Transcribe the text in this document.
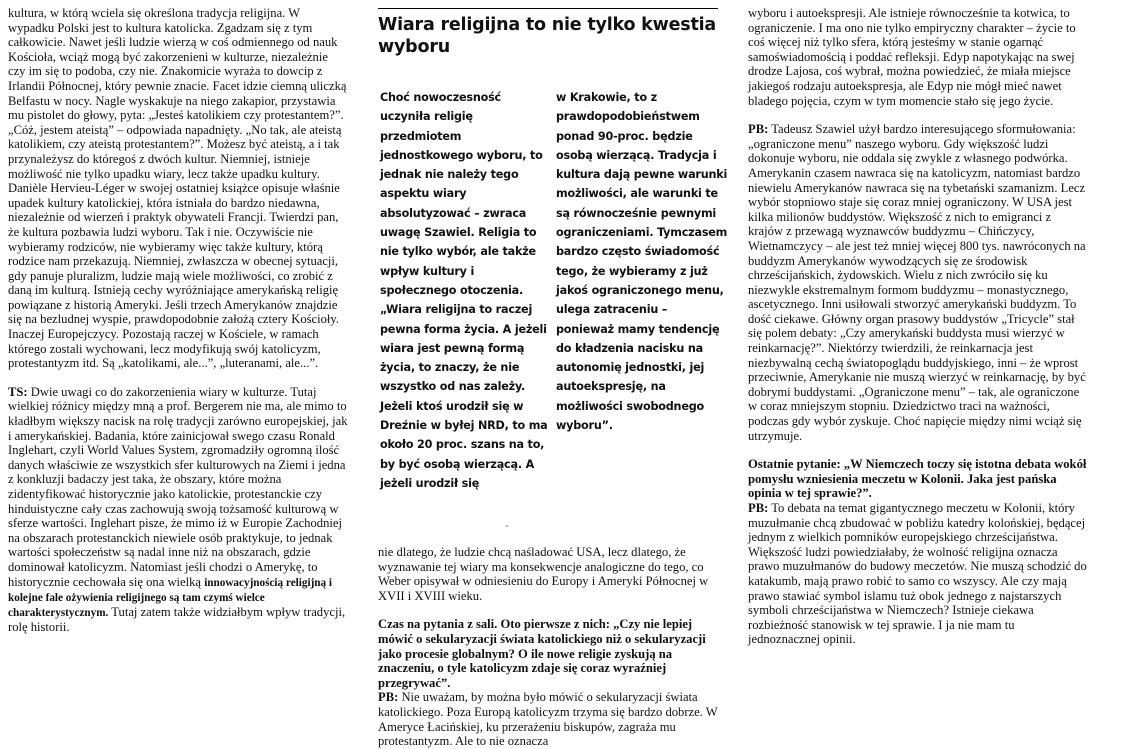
kultura, w którą wciela się określona tradycja religijna. W wypadku Polski jest to kultura katolicka. Zgadzam się z tym całkowicie. Nawet jeśli ludzie wierzą w coś odmiennego od nauk Kościoła, wciąż mogą być zakorzenieni w kulturze, niezależnie czy im się to podoba, czy nie. Znakomicie wyraża to dowcip z Irlandii Północnej, który pewnie znacie. Facet idzie ciemną uliczką Belfastu w nocy. Nagle wyskakuje na niego zakapior, przystawia mu pistolet do głowy, pyta: „Jesteś katolikiem czy protestantem?”. „Cóż, jestem ateistą” – odpowiada napadnięty. „No tak, ale ateistą katolikiem, czy ateistą protestantem?”. Możesz być ateistą, a i tak przynależysz do któregoś z dwóch kultur. Niemniej, istnieje możliwość nie tylko upadku wiary, lecz także upadku kultury. Danièle Hervieu-Léger w swojej ostatniej książce opisuje właśnie upadek kultury katolickiej, która istniała do bardzo niedawna, niezależnie od wierzeń i praktyk obywateli Francji. Twierdzi pan, że kultura pozbawia ludzi wyboru. Tak i nie. Oczywiście nie wybieramy rodziców, nie wybieramy więc także kultury, którą rodzice nam przekazują. Niemniej, zwłaszcza w obecnej sytuacji, gdy panuje pluralizm, ludzie mają wiele możliwości, co zrobić z daną im kulturą. Istnieją cechy wyróżniające amerykańską religię powiązane z historią Ameryki. Jeśli trzech Amerykanów znajdzie się na bezludnej wyspie, prawdopodobnie założą cztery Kościoły. Inaczej Europejczycy. Pozostają raczej w Kościele, w ramach którego zostali wychowani, lecz modyfikują swój katolicyzm, protestantyzm itd. Są „katolikami, ale...”, „luteranami, ale...”.

TS: Dwie uwagi co do zakorzenienia wiary w kulturze. Tutaj wielkiej różnicy między mną a prof. Bergerem nie ma, ale mimo to kładłbym większy nacisk na rolę tradycji zarówno europejskiej, jak i amerykańskiej. Badania, które zainicjował swego czasu Ronald Inglehart, czyli World Values System, zgromadziły ogromną ilość danych właściwie ze wszystkich sfer kulturowych na Ziemi i jedna z konkluzji badaczy jest taka, że obszary, które można zidentyfikować historycznie jako katolickie, protestanckie czy hinduistyczne cały czas zachowują swoją tożsamość kulturową w sferze wartości. Inglehart pisze, że mimo iż w Europie Zachodniej na obszarach protestanckich niewiele osób praktykuje, to jednak wartości społeczeństw są nadal inne niż na obszarach, gdzie dominował katolicyzm. Natomiast jeśli chodzi o Amerykę, to historycznie cechowała się ona wielką innowacyjnością religijną i kolejne fale ożywienia religijnego są tam czymś wielce charakterystycznym. Tutaj zatem także widziałbym wpływ tradycji, rolę historii.

Wiara religijna to nie tylko kwestia wyboru
Choć nowoczesność uczyniła religię przedmiotem jednostkowego wyboru, to jednak nie należy tego aspektu wiary absolutyzować – zwraca uwagę Szawiel. Religia to nie tylko wybór, ale także wpływ kultury i społecznego otoczenia. „Wiara religijna to raczej pewna forma życia. A jeżeli wiara jest pewną formą życia, to znaczy, że nie wszystko od nas zależy. Jeżeli ktoś urodził się w Dreźnie w byłej NRD, to ma około 20 proc. szans na to, by być osobą wierzącą. A jeżeli urodził się
w Krakowie, to z prawdopodobieństwem ponad 90-proc. będzie osobą wierzącą. Tradycja i kultura dają pewne warunki możliwości, ale warunki te są równocześnie pewnymi ograniczeniami. Tymczasem bardzo często świadomość tego, że wybieramy z już jakoś ograniczonego menu, ulega zatraceniu – ponieważ mamy tendencję do kładzenia nacisku na autonomię jednostki, jej autoekspresję, na możliwości swobodnego wyboru”.
-

nie dlatego, że ludzie chcą naśladować USA, lecz dlatego, że wyznawanie tej wiary ma konsekwencje analogiczne do tego, co Weber opisywał w odniesieniu do Europy i Ameryki Północnej w XVII i XVIII wieku.

Czas na pytania z sali. Oto pierwsze z nich: „Czy nie lepiej mówić o sekularyzacji świata katolickiego niż o sekularyzacji jako procesie globalnym? O ile nowe religie zyskują na znaczeniu, o tyle katolicyzm zdaje się coraz wyraźniej przegrywać”.

PB: Nie uważam, by można było mówić o sekularyzacji świata katolickiego. Poza Europą katolicyzm trzyma się bardzo dobrze. W Ameryce Łacińskiej, ku przerażeniu biskupów, zagraża mu protestantyzm. Ale to nie oznacza

wyboru i autoekspresji. Ale istnieje równocześnie ta kotwica, to ograniczenie. I ma ono nie tylko empiryczny charakter – życie to coś więcej niż tylko sfera, którą jesteśmy w stanie ogarnąć samoświadomością i poddać refleksji. Edyp napotykając na swej drodze Lajosa, coś wybrał, można powiedzieć, że miała miejsce jakiegoś rodzaju autoekspresja, ale Edyp nie mógł mieć nawet bladego pojęcia, czym w tym momencie stało się jego życie.

PB: Tadeusz Szawiel użył bardzo interesującego sformułowania: „ograniczone menu” naszego wyboru. Gdy większość ludzi dokonuje wyboru, nie oddala się zwykle z własnego podwórka. Amerykanin czasem nawraca się na katolicyzm, natomiast bardzo niewielu Amerykanów nawraca się na tybetański szamanizm. Lecz wybór stopniowo staje się coraz mniej ograniczony. W USA jest kilka milionów buddystów. Większość z nich to emigranci z krajów z przewagą wyznawców buddyzmu – Chińczycy, Wietnamczycy – ale jest też mniej więcej 800 tys. nawróconych na buddyzm Amerykanów wywodzących się ze środowisk chrześcijańskich, żydowskich. Wielu z nich zwróciło się ku niezwykle ekstremalnym formom buddyzmu – monastycznego, ascetycznego. Inni usiłowali stworzyć amerykański buddyzm. To dość ciekawe. Główny organ prasowy buddystów „Tricycle” stał się polem debaty: „Czy amerykański buddysta musi wierzyć w reinkarnację?”. Niektórzy twierdzili, że reinkarnacja jest niezbywalną cechą światopoglądu buddyjskiego, inni – że wprost przeciwnie, Amerykanie nie muszą wierzyć w reinkarnację, by być dobrymi buddystami. „Ograniczone menu” – tak, ale ograniczone w coraz mniejszym stopniu. Dziedzictwo traci na ważności, podczas gdy wybór zyskuje. Choć napięcie między nimi wciąż się utrzymuje.

Ostatnie pytanie: „W Niemczech toczy się istotna debata wokół pomysłu wzniesienia meczetu w Kolonii. Jaka jest pańska opinia w tej sprawie?”.

PB: To debata na temat gigantycznego meczetu w Kolonii, który muzułmanie chcą zbudować w pobliżu katedry kolońskiej, będącej jednym z wielkich pomników europejskiego chrześcijaństwa. Większość ludzi powiedziałaby, że wolność religijna oznacza prawo muzułmanów do budowy meczetów. Nie muszą schodzić do katakumb, mają prawo robić to samo co wszyscy. Ale czy mają prawo stawiać symbol islamu tuż obok jednego z najstarszych symboli chrześcijaństwa w Niemczech? Istnieje ciekawa rozbieżność stanowisk w tej sprawie. I ja nie mam tu jednoznacznej opinii.
